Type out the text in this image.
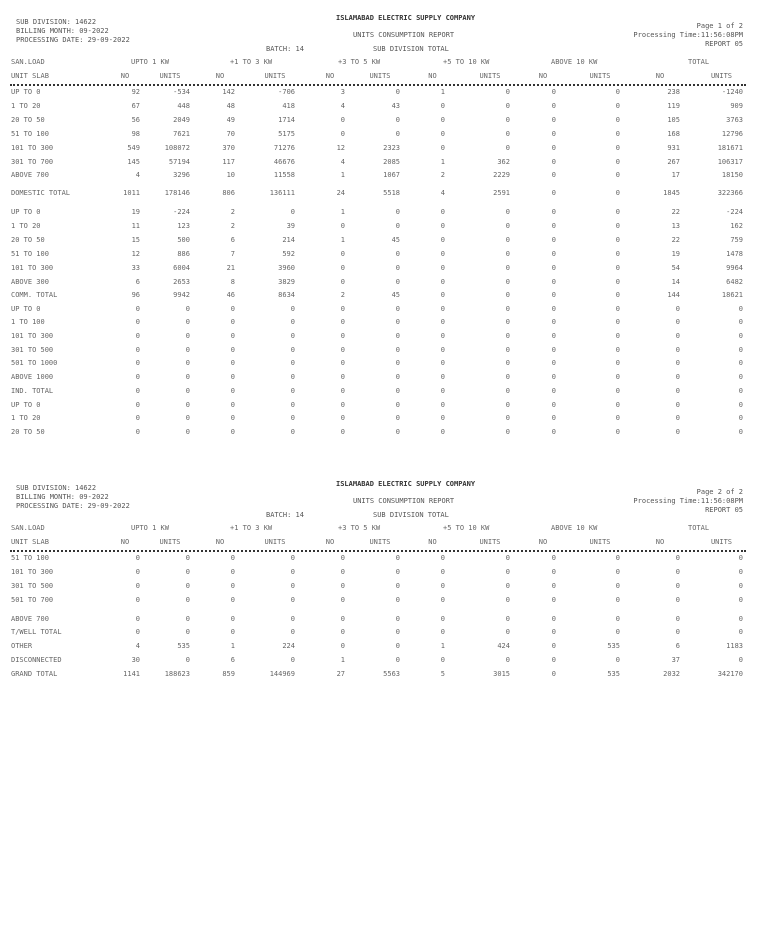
SUB DIVISION: 14622
BILLING MONTH: 09-2022
PROCESSING DATE: 29-09-2022
ISLAMABAD ELECTRIC SUPPLY COMPANY
UNITS CONSUMPTION REPORT
Page 1 of 2
Processing Time:11:56:08PM
REPORT 05
BATCH: 14	SUB DIVISION TOTAL
SAN.LOAD	UPTO 1 KW	+1 TO 3 KW	+3 TO 5 KW	+5 TO 10 KW	ABOVE 10 KW	TOTAL
UNIT SLAB	NO	UNITS	NO	UNITS	NO	UNITS	NO	UNITS	NO	UNITS	NO	UNITS
UP TO 0	92	-534	142	-706	3	0	1	0	0	0	238	-1240
1 TO 20	67	448	48	418	4	43	0	0	0	0	119	909
20 TO 50	56	2049	49	1714	0	0	0	0	0	0	105	3763
51 TO 100	98	7621	70	5175	0	0	0	0	0	0	168	12796
101 TO 300	549	108072	370	71276	12	2323	0	0	0	0	931	181671
301 TO 700	145	57194	117	46676	4	2085	1	362	0	0	267	106317
ABOVE 700	4	3296	10	11558	1	1067	2	2229	0	0	17	18150
DOMESTIC TOTAL	1011	178146	806	136111	24	5518	4	2591	0	0	1845	322366
UP TO 0	19	-224	2	0	1	0	0	0	0	0	22	-224
1 TO 20	11	123	2	39	0	0	0	0	0	0	13	162
20 TO 50	15	500	6	214	1	45	0	0	0	0	22	759
51 TO 100	12	886	7	592	0	0	0	0	0	0	19	1478
101 TO 300	33	6004	21	3960	0	0	0	0	0	0	54	9964
ABOVE 300	6	2653	8	3829	0	0	0	0	0	0	14	6482
COMM. TOTAL	96	9942	46	8634	2	45	0	0	0	0	144	18621
UP TO 0	0	0	0	0	0	0	0	0	0	0	0	0
1 TO 100	0	0	0	0	0	0	0	0	0	0	0	0
101 TO 300	0	0	0	0	0	0	0	0	0	0	0	0
301 TO 500	0	0	0	0	0	0	0	0	0	0	0	0
501 TO 1000	0	0	0	0	0	0	0	0	0	0	0	0
ABOVE 1000	0	0	0	0	0	0	0	0	0	0	0	0
IND. TOTAL	0	0	0	0	0	0	0	0	0	0	0	0
UP TO 0	0	0	0	0	0	0	0	0	0	0	0	0
1 TO 20	0	0	0	0	0	0	0	0	0	0	0	0
20 TO 50	0	0	0	0	0	0	0	0	0	0	0	0
SUB DIVISION: 14622
BILLING MONTH: 09-2022
PROCESSING DATE: 29-09-2022
ISLAMABAD ELECTRIC SUPPLY COMPANY
UNITS CONSUMPTION REPORT
Page 2 of 2
Processing Time:11:56:08PM
REPORT 05
BATCH: 14	SUB DIVISION TOTAL
SAN.LOAD	UPTO 1 KW	+1 TO 3 KW	+3 TO 5 KW	+5 TO 10 KW	ABOVE 10 KW	TOTAL
UNIT SLAB	NO	UNITS	NO	UNITS	NO	UNITS	NO	UNITS	NO	UNITS	NO	UNITS
51 TO 100	0	0	0	0	0	0	0	0	0	0	0	0
101 TO 300	0	0	0	0	0	0	0	0	0	0	0	0
301 TO 500	0	0	0	0	0	0	0	0	0	0	0	0
501 TO 700	0	0	0	0	0	0	0	0	0	0	0	0
ABOVE 700	0	0	0	0	0	0	0	0	0	0	0	0
T/WELL TOTAL	0	0	0	0	0	0	0	0	0	0	0	0
OTHER	4	535	1	224	0	0	1	424	0	535	6	1183
DISCONNECTED	30	0	6	0	1	0	0	0	0	0	37	0
GRAND TOTAL	1141	188623	859	144969	27	5563	5	3015	0	535	2032	342170
